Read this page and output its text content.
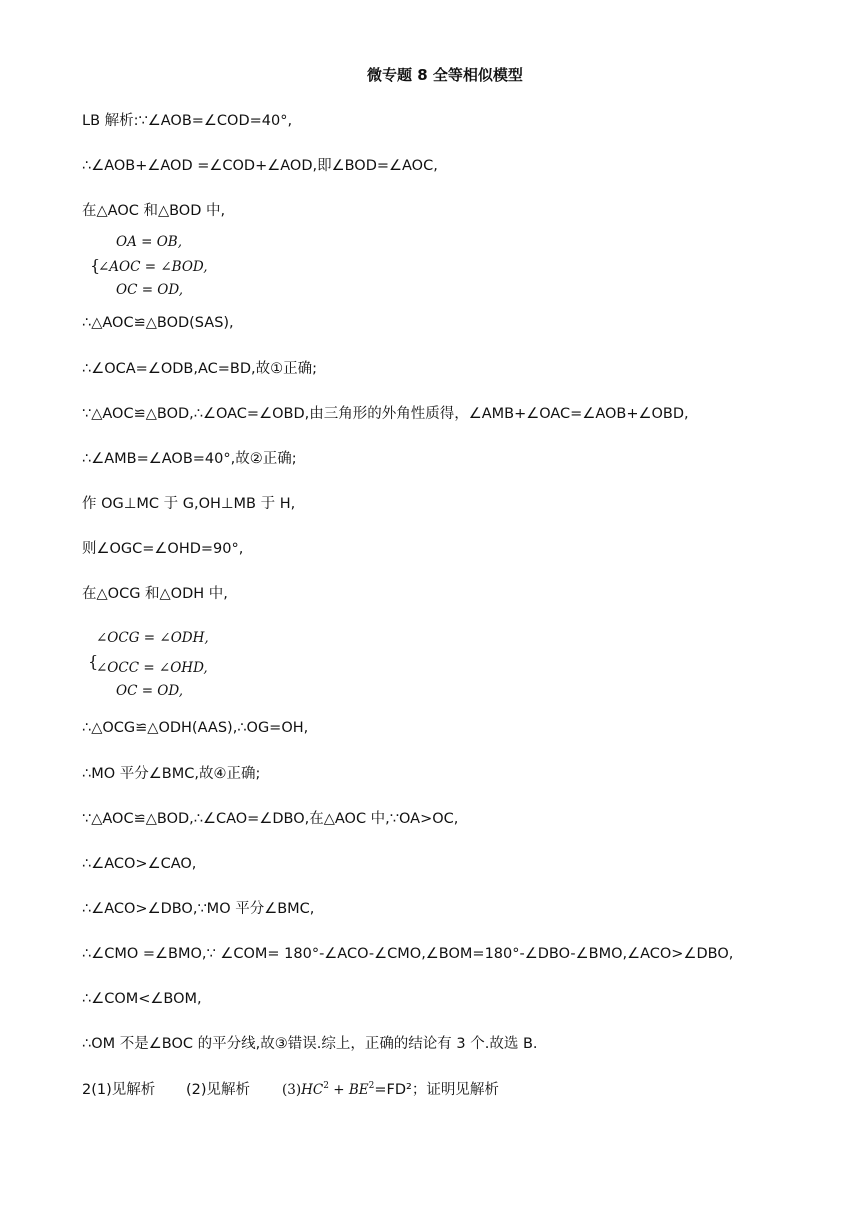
微专题 8 全等相似模型
LB 解析:∵∠AOB=∠COD=40°,
∴∠AOB+∠AOD =∠COD+∠AOD,即∠BOD=∠AOC,
在△AOC 和△BOD 中,
{
OA = OB,
∠AOC = ∠BOD,
OC = OD,
∴△AOC≌△BOD(SAS),
∴∠OCA=∠ODB,AC=BD,故①正确;
∵△AOC≌△BOD,∴∠OAC=∠OBD,由三角形的外角性质得，∠AMB+∠OAC=∠AOB+∠OBD,
∴∠AMB=∠AOB=40°,故②正确;
作 OG⊥MC 于 G,OH⊥MB 于 H,
则∠OGC=∠OHD=90°,
在△OCG 和△ODH 中,
{
∠OCG = ∠ODH,
∠OCC = ∠OHD,
OC = OD,
∴△OCG≌△ODH(AAS),∴OG=OH,
∴MO 平分∠BMC,故④正确;
∵△AOC≌△BOD,∴∠CAO=∠DBO,在△AOC 中,∵OA>OC,
∴∠ACO>∠CAO,
∴∠ACO>∠DBO,∵MO 平分∠BMC,
∴∠CMO =∠BMO,∵ ∠COM= 180°-∠ACO-∠CMO,∠BOM=180°-∠DBO-∠BMO,∠ACO>∠DBO,
∴∠COM<∠BOM,
∴OM 不是∠BOC 的平分线,故③错误.综上，正确的结论有 3 个.故选 B.
2(1)见解析 (2)见解析 $(3)HC^2 + BE^2=FD^2$；证明见解析
